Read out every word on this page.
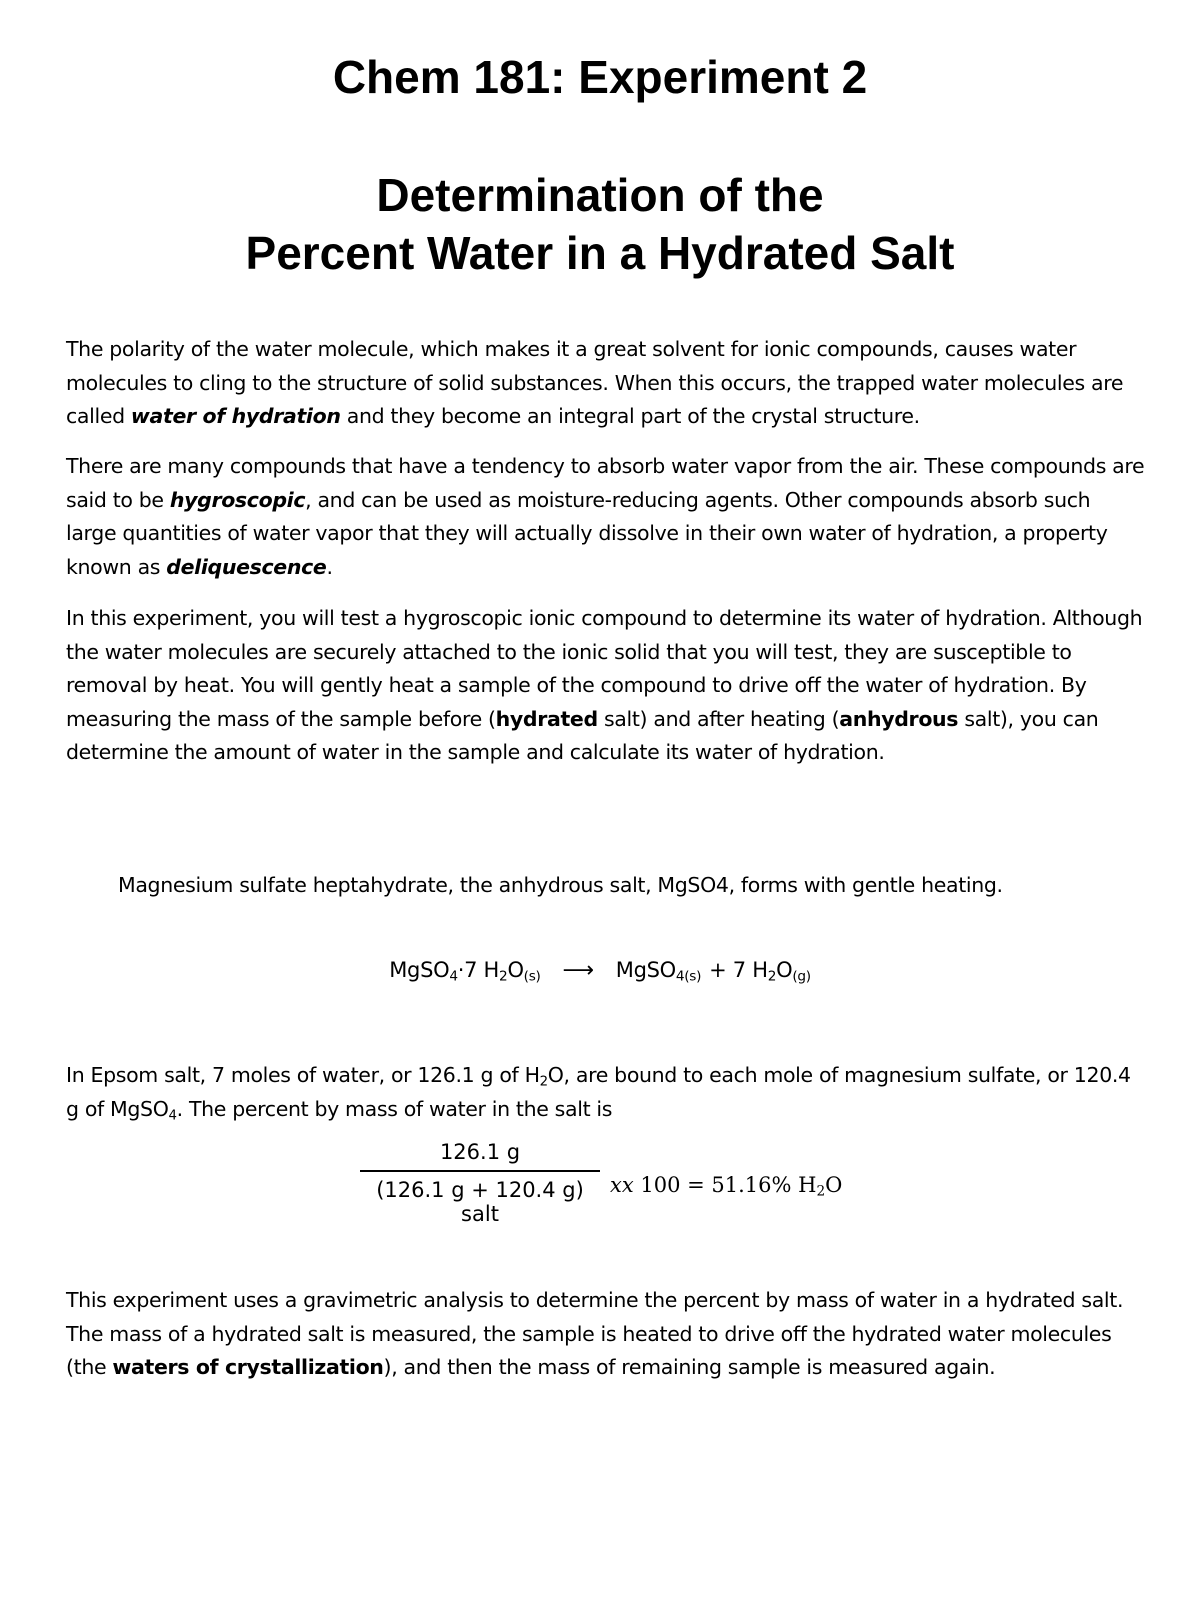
Chem 181: Experiment 2
Determination of the
Percent Water in a Hydrated Salt

The polarity of the water molecule, which makes it a great solvent for ionic compounds, causes water molecules to cling to the structure of solid substances. When this occurs, the trapped water molecules are called water of hydration and they become an integral part of the crystal structure.

There are many compounds that have a tendency to absorb water vapor from the air. These compounds are said to be hygroscopic, and can be used as moisture-reducing agents. Other compounds absorb such large quantities of water vapor that they will actually dissolve in their own water of hydration, a property known as deliquescence.

In this experiment, you will test a hygroscopic ionic compound to determine its water of hydration. Although the water molecules are securely attached to the ionic solid that you will test, they are susceptible to removal by heat. You will gently heat a sample of the compound to drive off the water of hydration. By measuring the mass of the sample before (hydrated salt) and after heating (anhydrous salt), you can determine the amount of water in the sample and calculate its water of hydration.

Magnesium sulfate heptahydrate, the anhydrous salt, MgSO4, forms with gentle heating.

MgSO$_4$·7 $H_2O_{(s)}$ ⟶ MgSO$_{4(s)}$ + 7 $H_2O_{(g)}$

In Epsom salt, 7 moles of water, or 126.1 g of $H_2O$, are bound to each mole of magnesium sulfate, or 120.4 g of MgSO$_4$. The percent by mass of water in the salt is

$\frac{126.1 g}{\text{(126.1 g + 120.4 g) salt}}$ xx 100 = 51.16% $H_2O$

This experiment uses a gravimetric analysis to determine the percent by mass of water in a hydrated salt. The mass of a hydrated salt is measured, the sample is heated to drive off the hydrated water molecules (the waters of crystallization), and then the mass of remaining sample is measured again.
